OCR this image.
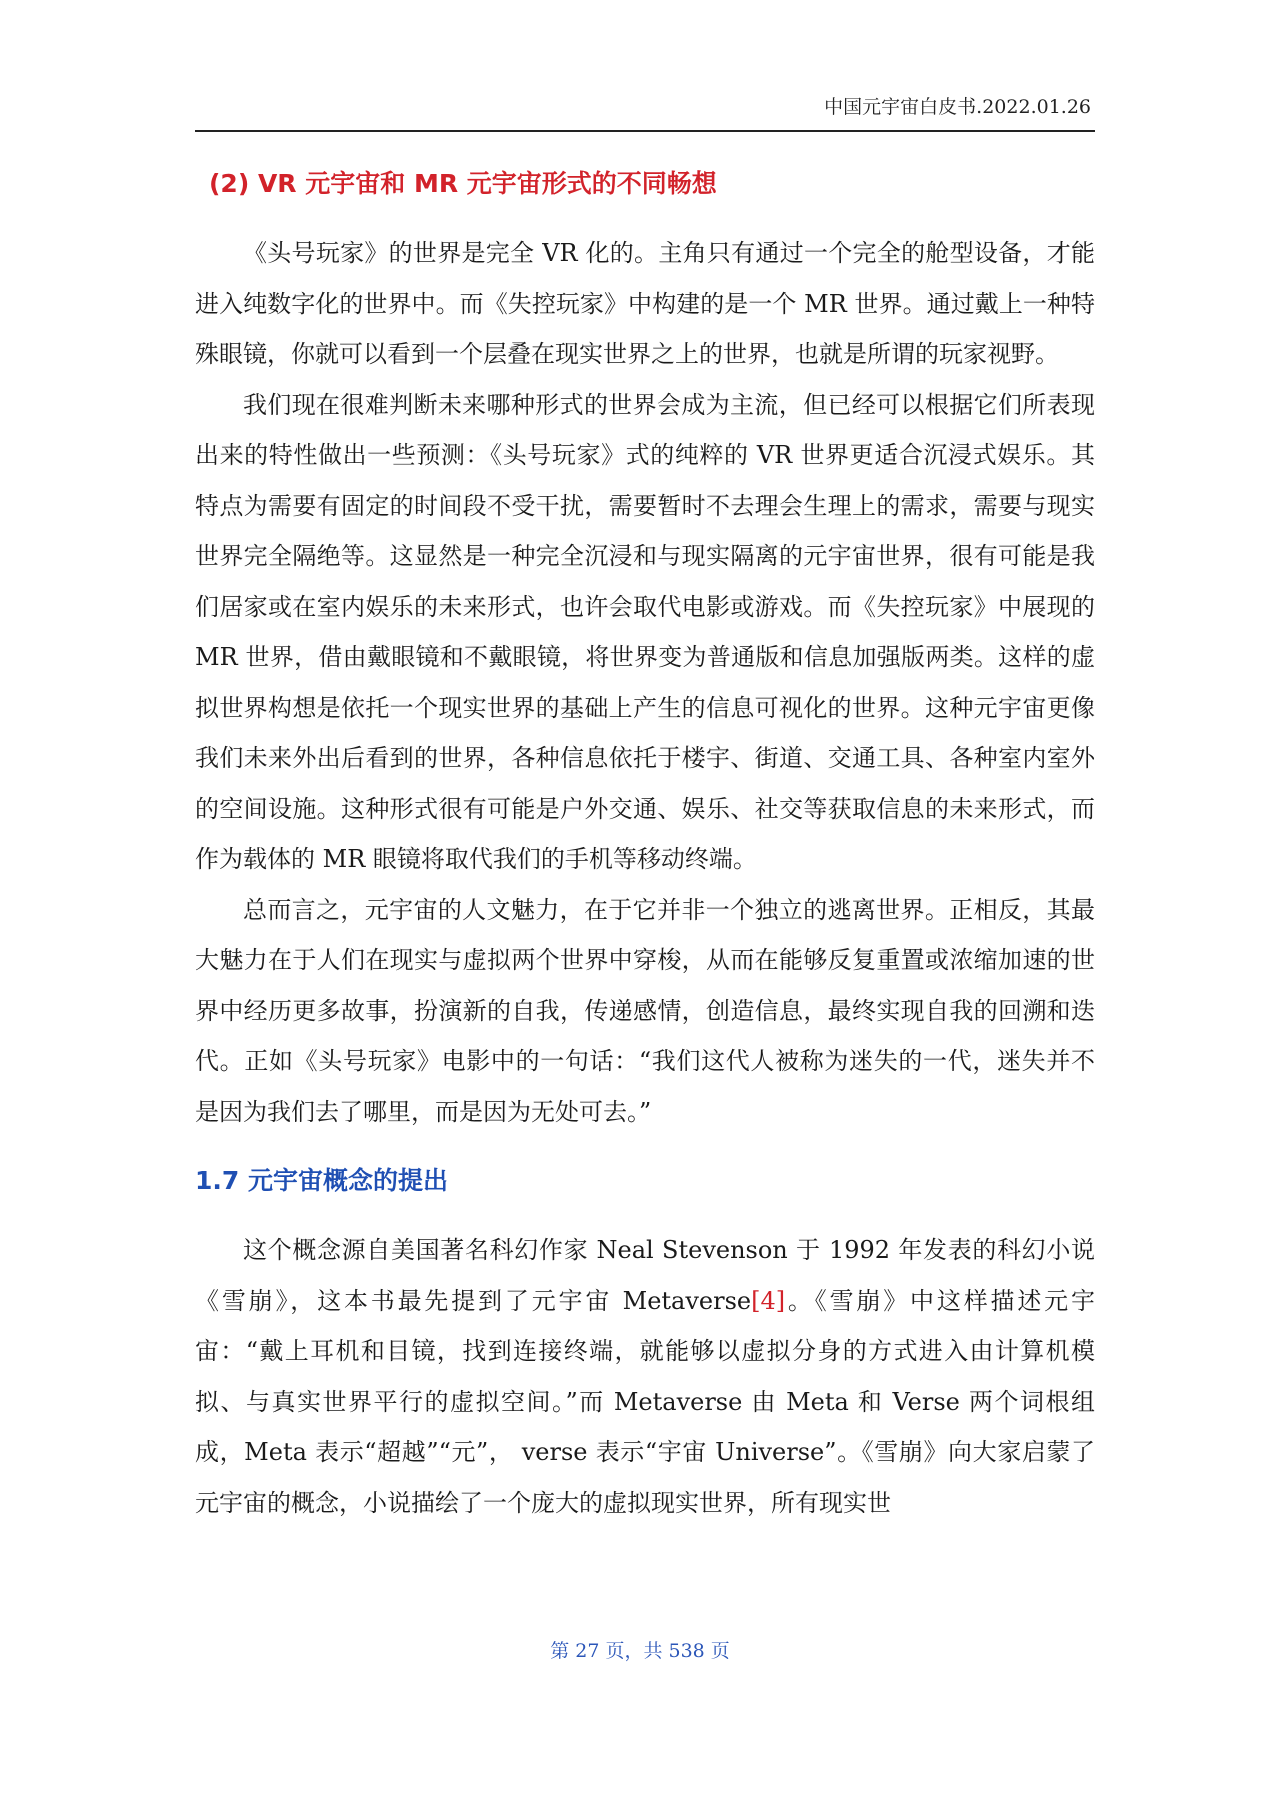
中国元宇宙白皮书.2022.01.26
(2) VR 元宇宙和 MR 元宇宙形式的不同畅想

《头号玩家》的世界是完全 VR 化的。主角只有通过一个完全的舱型设备，才能进入纯数字化的世界中。而《失控玩家》中构建的是一个 MR 世界。通过戴上一种特殊眼镜，你就可以看到一个层叠在现实世界之上的世界，也就是所谓的玩家视野。

我们现在很难判断未来哪种形式的世界会成为主流，但已经可以根据它们所表现出来的特性做出一些预测：《头号玩家》式的纯粹的 VR 世界更适合沉浸式娱乐。其特点为需要有固定的时间段不受干扰，需要暂时不去理会生理上的需求，需要与现实世界完全隔绝等。这显然是一种完全沉浸和与现实隔离的元宇宙世界，很有可能是我们居家或在室内娱乐的未来形式，也许会取代电影或游戏。而《失控玩家》中展现的 MR 世界，借由戴眼镜和不戴眼镜，将世界变为普通版和信息加强版两类。这样的虚拟世界构想是依托一个现实世界的基础上产生的信息可视化的世界。这种元宇宙更像我们未来外出后看到的世界，各种信息依托于楼宇、街道、交通工具、各种室内室外的空间设施。这种形式很有可能是户外交通、娱乐、社交等获取信息的未来形式，而作为载体的 MR 眼镜将取代我们的手机等移动终端。

总而言之，元宇宙的人文魅力，在于它并非一个独立的逃离世界。正相反，其最大魅力在于人们在现实与虚拟两个世界中穿梭，从而在能够反复重置或浓缩加速的世界中经历更多故事，扮演新的自我，传递感情，创造信息，最终实现自我的回溯和迭代。正如《头号玩家》电影中的一句话：“我们这代人被称为迷失的一代，迷失并不是因为我们去了哪里，而是因为无处可去。”

1.7 元宇宙概念的提出

这个概念源自美国著名科幻作家 Neal Stevenson 于 1992 年发表的科幻小说《雪崩》，这本书最先提到了元宇宙 Metaverse[4]。《雪崩》中这样描述元宇宙：“戴上耳机和目镜，找到连接终端，就能够以虚拟分身的方式进入由计算机模拟、与真实世界平行的虚拟空间。”而 Metaverse 由 Meta 和 Verse 两个词根组成，Meta 表示“超越”“元”， verse 表示“宇宙 Universe”。《雪崩》向大家启蒙了元宇宙的概念，小说描绘了一个庞大的虚拟现实世界，所有现实世

第 27 页，共 538 页
